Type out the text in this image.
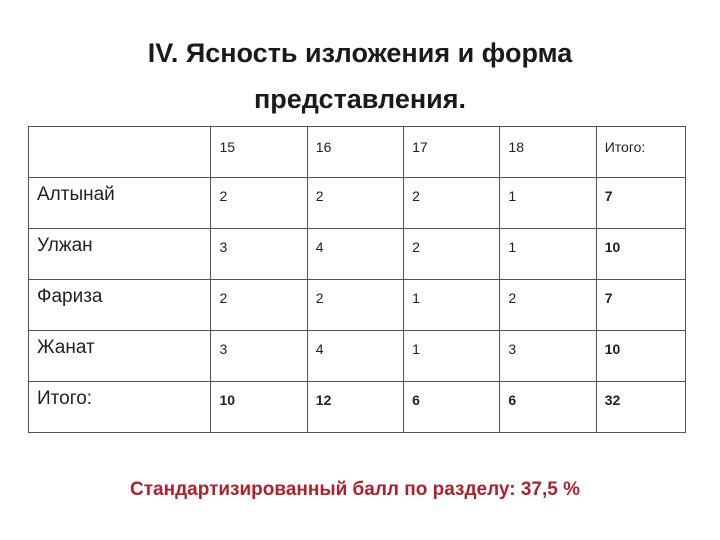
IV. Ясность изложения и форма
представления.

	15	16	17	18	Итого:

Алтынай	2	2	2	1	7

Улжан	3	4	2	1	10

Фариза	2	2	1	2	7

Жанат	3	4	1	3	10

Итого:	10	12	6	6	32
Стандартизированный балл по разделу: 37,5 %
